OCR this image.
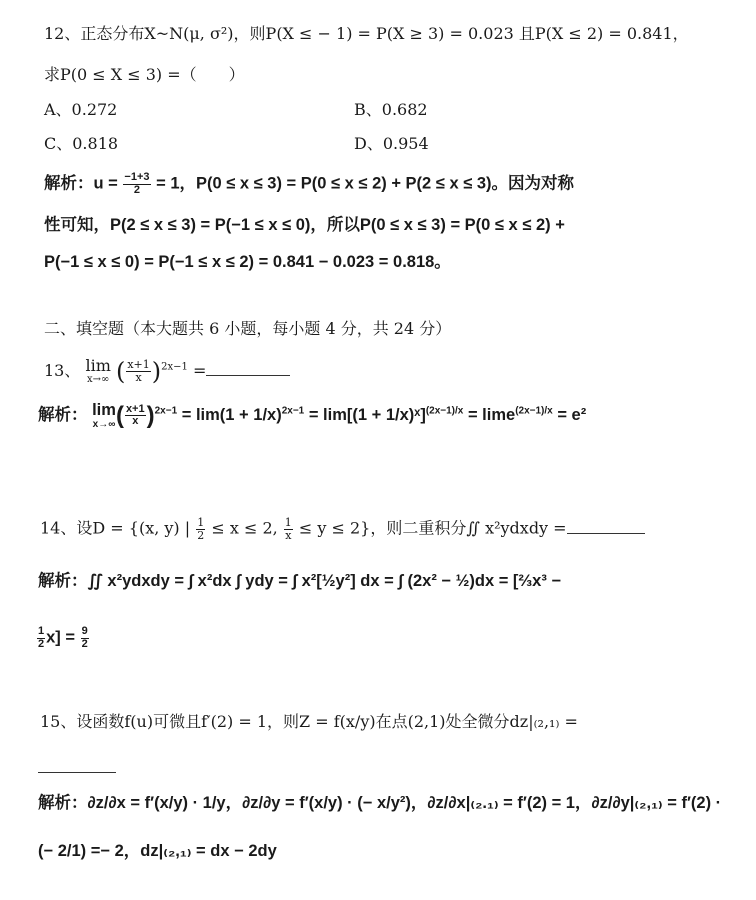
12、正态分布X~N(μ, σ²)，则P(X ≤ − 1) = P(X ≥ 3) = 0.023 且P(X ≤ 2) = 0.841，
求P(0 ≤ X ≤ 3) =（　　）
A、0.272	B、0.682
C、0.818	D、0.954
解析：$u = \frac{-1+3}{2} = 1$，P(0 ≤ x ≤ 3) = P(0 ≤ x ≤ 2) + P(2 ≤ x ≤ 3)。因为对称
性可知，P(2 ≤ x ≤ 3) = P(−1 ≤ x ≤ 0)，所以P(0 ≤ x ≤ 3) = P(0 ≤ x ≤ 2) +
P(−1 ≤ x ≤ 0) = P(−1 ≤ x ≤ 2) = 0.841 − 0.023 = 0.818。
二、填空题（本大题共 6 小题，每小题 4 分，共 24 分）
13、 lim
x→∞ ( $\frac{x+1}{x} )^{2x-1}$ =
解析： lim
x→∞ ( $\frac{x+1}{x} )^{2x-1} = \lim(1 + 1/x)^{2x-1} = \lim[(1$ + 1/x)ˣ]$^{(2x-1)/x}$ = lime$^{(2x-1)/x}$ = e²
14、设D = {(x, y) | $\frac{1}{2} \le x \le 2$, $\frac{1}{x} \le y \le 2$}，则二重积分∬ x²ydxdy =
解析：∬ x²ydxdy = ∫ x²dx ∫ ydy = ∫ x²[½y²] dx = ∫ (2x² − ½)dx = [⅔x³ −
$\frac{1}{2} x] = \frac{9}{2}$
15、设函数f(u)可微且f′(2) = 1，则Z = f(x/y)在点(2,1)处全微分dz|₍₂,₁₎ =
解析：∂z/∂x = f′(x/y) · 1/y，∂z/∂y = f′(x/y) · (− x/y²)，∂z/∂x|₍₂.₁₎ = f′(2) = 1，∂z/∂y|₍₂,₁₎ = f′(2) ·
(− 2/1) =− 2，dz|₍₂,₁₎ = dx − 2dy
